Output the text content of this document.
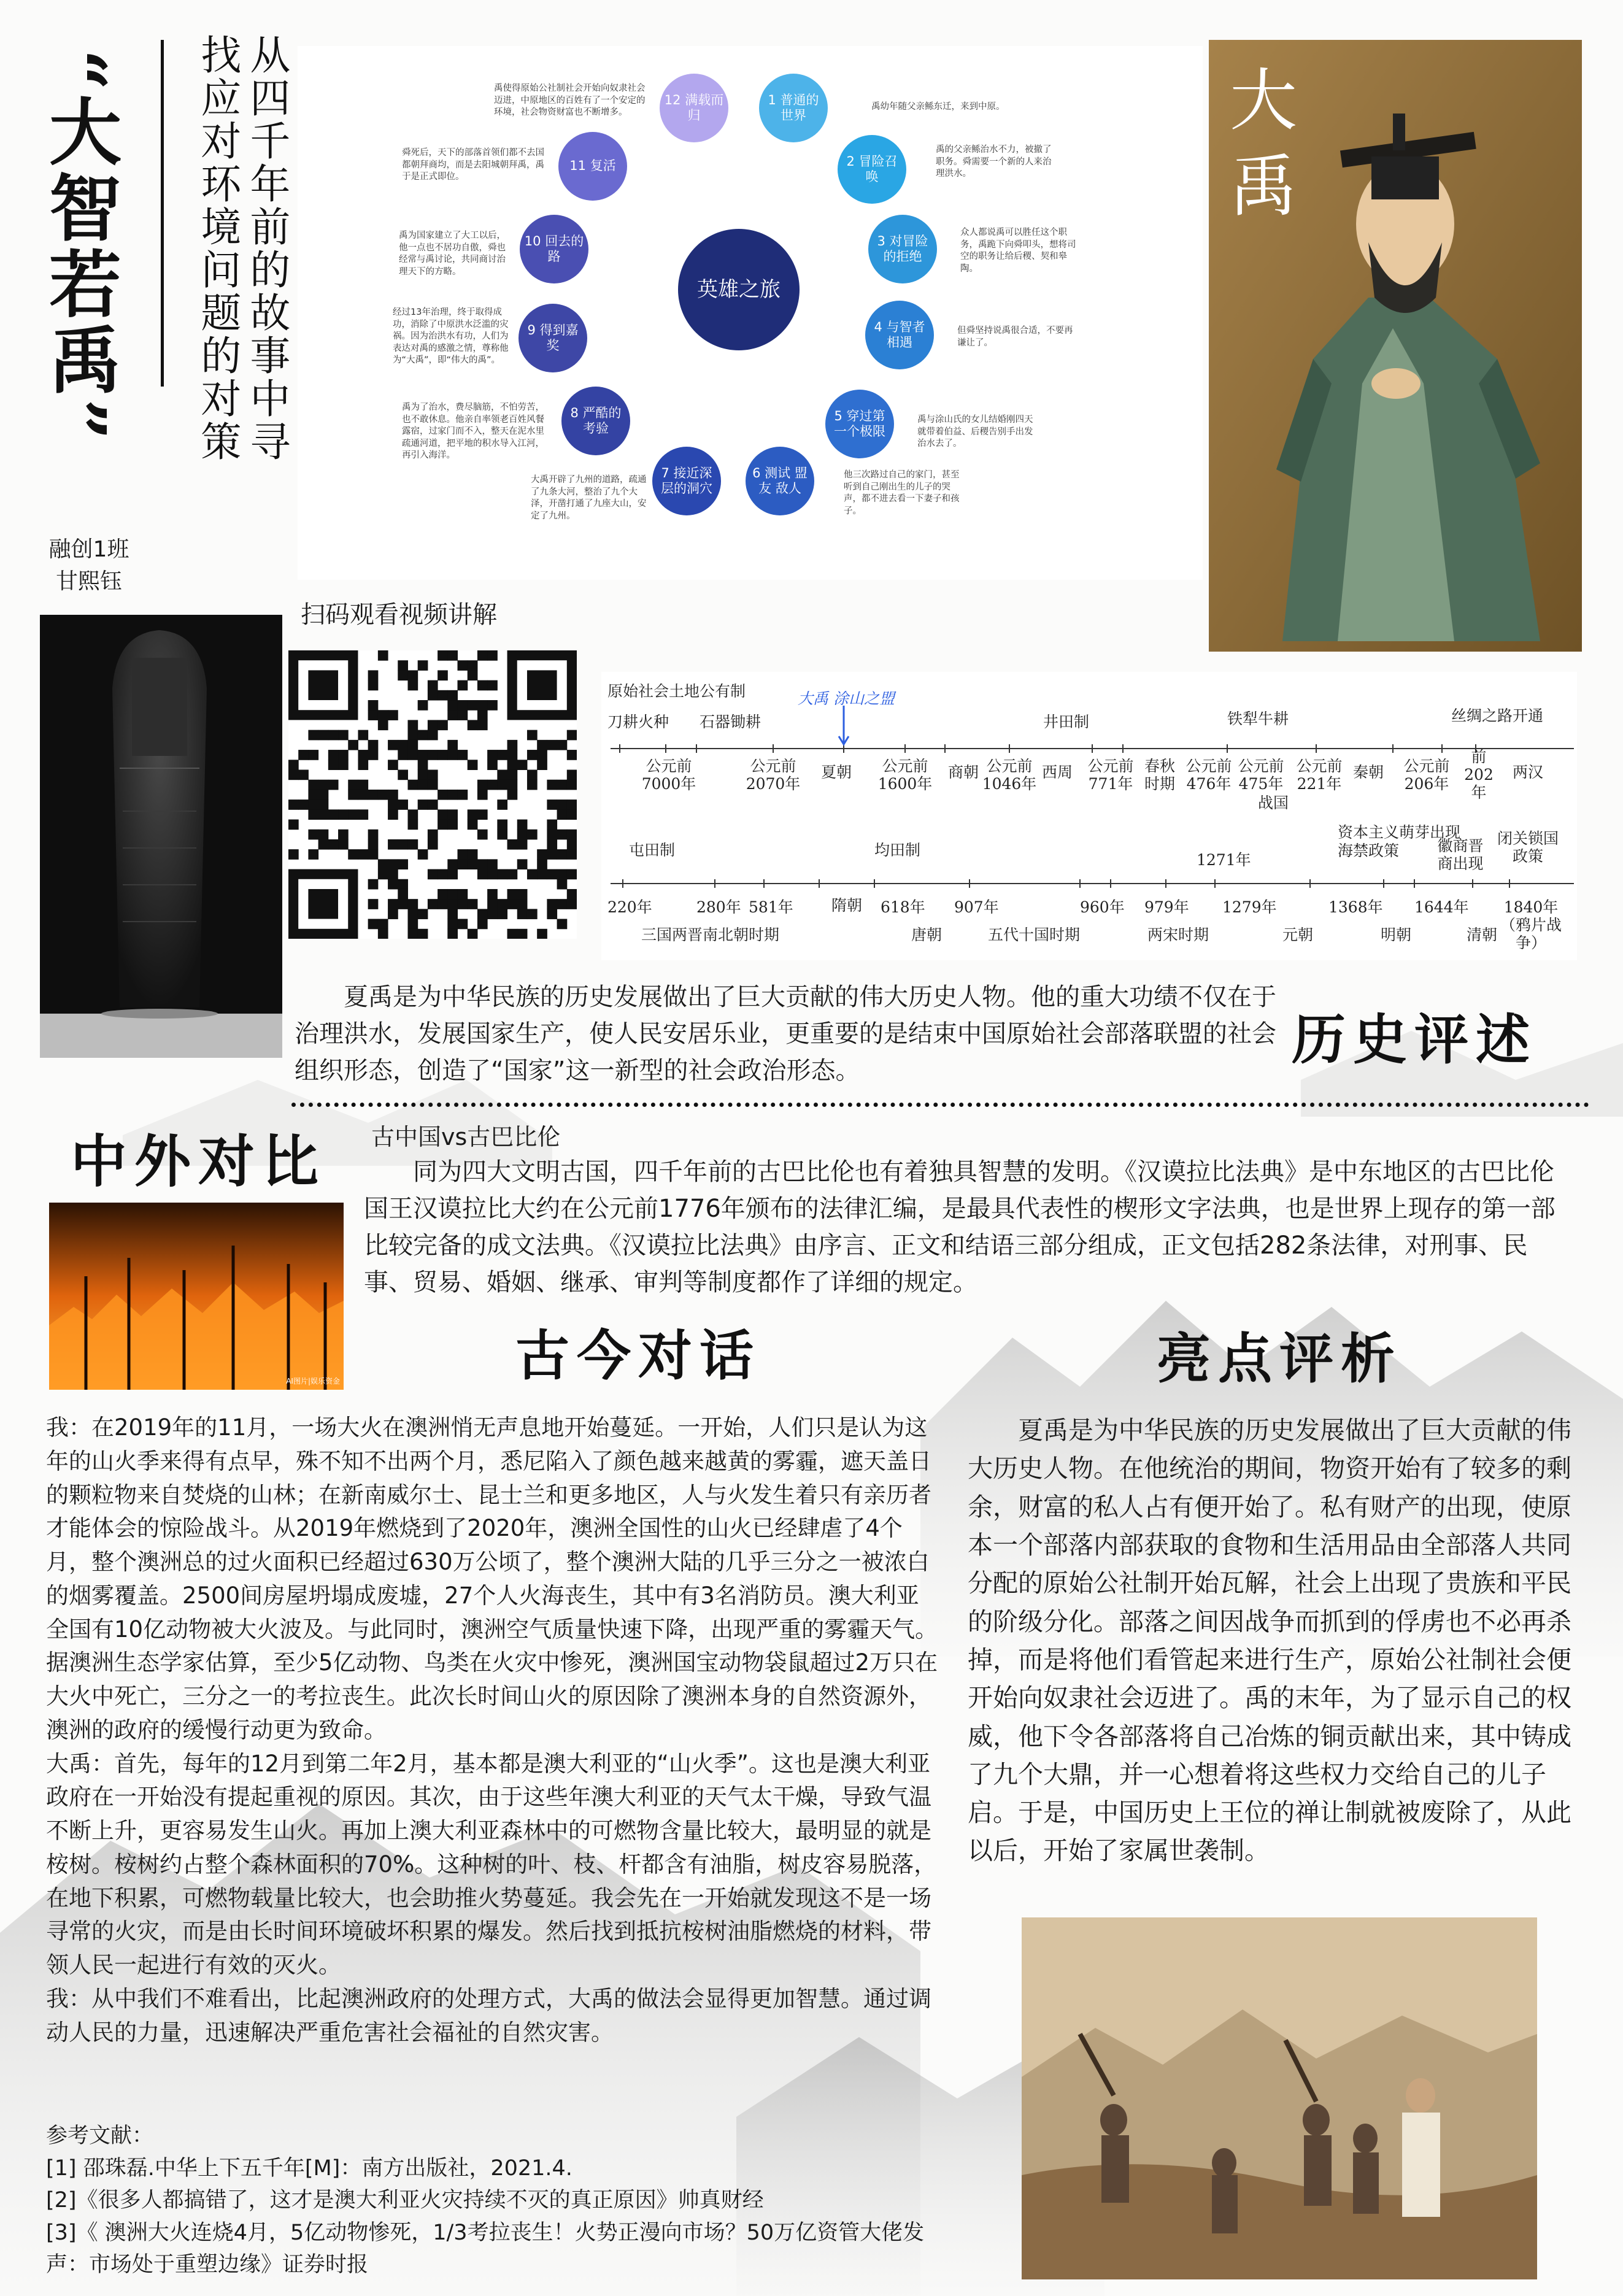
“大智若禹”	从四千年前的故事中寻
找应对环境问题的对策
融创1班
甘熙钰
英雄之旅
1 普通的世界
2 冒险召唤
3 对冒险的拒绝
4 与智者相遇
5 穿过第一个极限
6 测试 盟友 敌人
7 接近深层的洞穴
8 严酷的考验
9 得到嘉奖
10 回去的路
11 复活
12 满载而归
禹幼年随父亲鲧东迁，来到中原。
禹的父亲鲧治水不力，被撤了职务。舜需要一个新的人来治理洪水。
众人都说禹可以胜任这个职务，禹跪下向舜叩头，想将司空的职务让给后稷、契和皋陶。
但舜坚持说禹很合适，不要再谦让了。
禹与涂山氏的女儿结婚刚四天就带着伯益、后稷告别手出发治水去了。
他三次路过自己的家门，甚至听到自己刚出生的儿子的哭声，都不进去看一下妻子和孩子。
大禹开辟了九州的道路，疏通了九条大河，整治了九个大泽，开凿打通了九座大山，安定了九州。
禹为了治水，费尽脑筋，不怕劳苦，也不敢休息。他亲自率领老百姓风餐露宿，过家门而不入，整天在泥水里疏通河道，把平地的积水导入江河，再引入海洋。
经过13年治理，终于取得成功，消除了中原洪水泛滥的灾祸。因为治洪水有功，人们为表达对禹的感激之情，尊称他为“大禹”，即“伟大的禹”。
禹为国家建立了大工以后，他一点也不居功自傲，舜也经常与禹讨论，共同商讨治理天下的方略。
舜死后，天下的部落首领们都不去国都朝拜商均，而是去阳城朝拜禹，禹于是正式即位。
禹使得原始公社制社会开始向奴隶社会迈进，中原地区的百姓有了一个安定的环境，社会物资财富也不断增多。	大禹
扫码观看视频讲解
原始社会土地公有制
刀耕火种 石器锄耕	井田制	铁犁牛耕	丝绸之路开通
大禹 涂山之盟
公元前7000年
公元前2070年
夏朝	公元前1600年
商朝 公元前1046年
西周 公元前771年
春秋时期
公元前476年
公元前475年
战国
公元前221年
秦朝 公元前206年
前202年
两汉
屯田制	均田制
1271年
资本主义萌芽出现
海禁政策 徽商晋商出现
闭关锁国政策
220年	280年 581年 隋朝 618年 907年	960年 979年 1279年	1368年 1644年	1840年（鸦片战争）
三国两晋南北朝时期	唐朝	五代十国时期	两宋时期	元朝	明朝	清朝
夏禹是为中华民族的历史发展做出了巨大贡献的伟大历史人物。他的重大功绩不仅在于治理洪水，发展国家生产，使人民安居乐业，更重要的是结束中国原始社会部落联盟的社会组织形态，创造了“国家”这一新型的社会政治形态。	历史评述
中外对比
AI图片|娱乐资金
古中国vs古巴比伦
同为四大文明古国，四千年前的古巴比伦也有着独具智慧的发明。《汉谟拉比法典》是中东地区的古巴比伦国王汉谟拉比大约在公元前1776年颁布的法律汇编，是最具代表性的楔形文字法典，也是世界上现存的第一部比较完备的成文法典。《汉谟拉比法典》由序言、正文和结语三部分组成，正文包括282条法律，对刑事、民事、贸易、婚姻、继承、审判等制度都作了详细的规定。
古今对话

我：在2019年的11月，一场大火在澳洲悄无声息地开始蔓延。一开始，人们只是认为这年的山火季来得有点早，殊不知不出两个月，悉尼陷入了颜色越来越黄的雾霾，遮天盖日的颗粒物来自焚烧的山林；在新南威尔士、昆士兰和更多地区，人与火发生着只有亲历者才能体会的惊险战斗。从2019年燃烧到了2020年，澳洲全国性的山火已经肆虐了4个月，整个澳洲总的过火面积已经超过630万公顷了，整个澳洲大陆的几乎三分之一被浓白的烟雾覆盖。2500间房屋坍塌成废墟，27个人火海丧生，其中有3名消防员。澳大利亚全国有10亿动物被大火波及。与此同时，澳洲空气质量快速下降，出现严重的雾霾天气。据澳洲生态学家估算，至少5亿动物、鸟类在火灾中惨死，澳洲国宝动物袋鼠超过2万只在大火中死亡，三分之一的考拉丧生。此次长时间山火的原因除了澳洲本身的自然资源外，澳洲的政府的缓慢行动更为致命。

大禹：首先，每年的12月到第二年2月，基本都是澳大利亚的“山火季”。这也是澳大利亚政府在一开始没有提起重视的原因。其次，由于这些年澳大利亚的天气太干燥，导致气温不断上升，更容易发生山火。再加上澳大利亚森林中的可燃物含量比较大，最明显的就是桉树。桉树约占整个森林面积的70%。这种树的叶、枝、杆都含有油脂，树皮容易脱落，在地下积累，可燃物载量比较大，也会助推火势蔓延。我会先在一开始就发现这不是一场寻常的火灾，而是由长时间环境破坏积累的爆发。然后找到抵抗桉树油脂燃烧的材料，带领人民一起进行有效的灭火。

我：从中我们不难看出，比起澳洲政府的处理方式，大禹的做法会显得更加智慧。通过调动人民的力量，迅速解决严重危害社会福祉的自然灾害。

参考文献：

[1] 邵珠磊.中华上下五千年[M]：南方出版社，2021.4.

[2]《很多人都搞错了，这才是澳大利亚火灾持续不灭的真正原因》帅真财经

[3]《 澳洲大火连烧4月，5亿动物惨死，1/3考拉丧生！火势正漫向市场？50万亿资管大佬发声：市场处于重塑边缘》证券时报

亮点评析
夏禹是为中华民族的历史发展做出了巨大贡献的伟大历史人物。在他统治的期间，物资开始有了较多的剩余，财富的私人占有便开始了。私有财产的出现，使原本一个部落内部获取的食物和生活用品由全部落人共同分配的原始公社制开始瓦解，社会上出现了贵族和平民的阶级分化。部落之间因战争而抓到的俘虏也不必再杀掉，而是将他们看管起来进行生产，原始公社制社会便开始向奴隶社会迈进了。禹的末年，为了显示自己的权威，他下令各部落将自己冶炼的铜贡献出来，其中铸成了九个大鼎，并一心想着将这些权力交给自己的儿子启。于是，中国历史上王位的禅让制就被废除了，从此以后，开始了家属世袭制。
